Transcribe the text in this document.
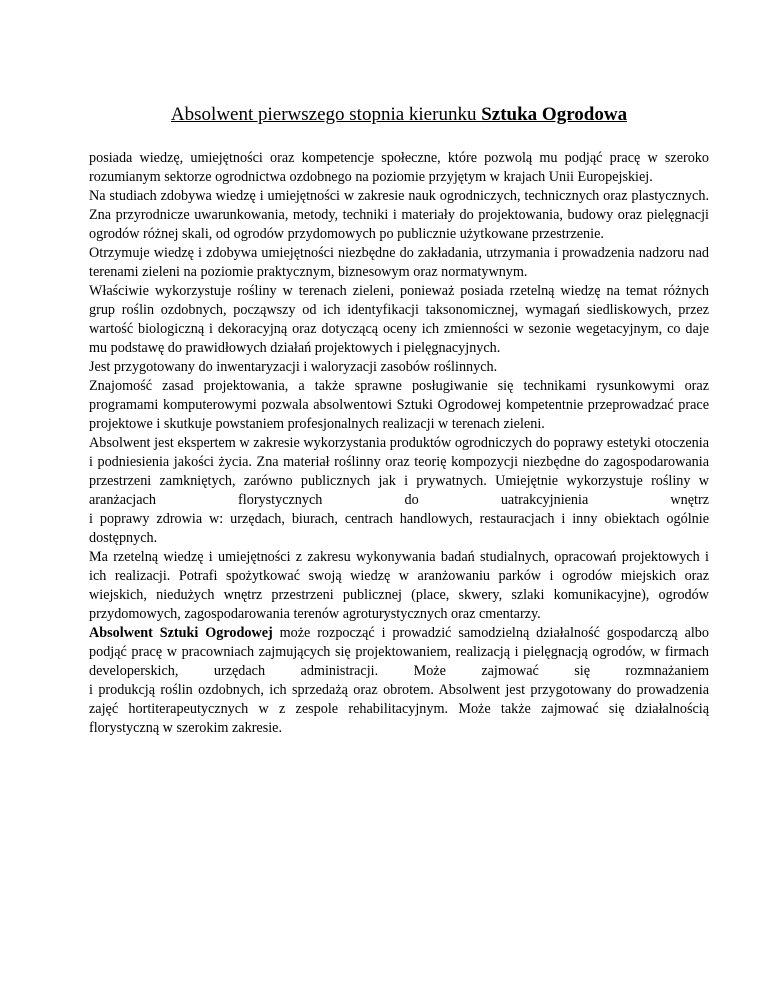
Absolwent pierwszego stopnia kierunku Sztuka Ogrodowa

posiada wiedzę, umiejętności oraz kompetencje społeczne, które pozwolą mu podjąć pracę w szeroko rozumianym sektorze ogrodnictwa ozdobnego na poziomie przyjętym w krajach Unii Europejskiej.

Na studiach zdobywa wiedzę i umiejętności w zakresie nauk ogrodniczych, technicznych oraz plastycznych. Zna przyrodnicze uwarunkowania, metody, techniki i materiały do projektowania, budowy oraz pielęgnacji ogrodów różnej skali, od ogrodów przydomowych po publicznie użytkowane przestrzenie.

Otrzymuje wiedzę i zdobywa umiejętności niezbędne do zakładania, utrzymania i prowadzenia nadzoru nad terenami zieleni na poziomie praktycznym, biznesowym oraz normatywnym.

Właściwie wykorzystuje rośliny w terenach zieleni, ponieważ posiada rzetelną wiedzę na temat różnych grup roślin ozdobnych, począwszy od ich identyfikacji taksonomicznej, wymagań siedliskowych, przez wartość biologiczną i dekoracyjną oraz dotyczącą oceny ich zmienności w sezonie wegetacyjnym, co daje mu podstawę do prawidłowych działań projektowych i pielęgnacyjnych.

Jest przygotowany do inwentaryzacji i waloryzacji zasobów roślinnych.

Znajomość zasad projektowania, a także sprawne posługiwanie się technikami rysunkowymi oraz programami komputerowymi pozwala absolwentowi Sztuki Ogrodowej kompetentnie przeprowadzać prace projektowe i skutkuje powstaniem profesjonalnych realizacji w terenach zieleni.

Absolwent jest ekspertem w zakresie wykorzystania produktów ogrodniczych do poprawy estetyki otoczenia i podniesienia jakości życia. Zna materiał roślinny oraz teorię kompozycji niezbędne do zagospodarowania przestrzeni zamkniętych, zarówno publicznych jak i prywatnych. Umiejętnie wykorzystuje rośliny w aranżacjach florystycznych do uatrakcyjnienia wnętrz

i poprawy zdrowia w: urzędach, biurach, centrach handlowych, restauracjach i inny obiektach ogólnie dostępnych.

Ma rzetelną wiedzę i umiejętności z zakresu wykonywania badań studialnych, opracowań projektowych i ich realizacji. Potrafi spożytkować swoją wiedzę w aranżowaniu parków i ogrodów miejskich oraz wiejskich, niedużych wnętrz przestrzeni publicznej (place, skwery, szlaki komunikacyjne), ogrodów przydomowych, zagospodarowania terenów agroturystycznych oraz cmentarzy.

Absolwent Sztuki Ogrodowej może rozpocząć i prowadzić samodzielną działalność gospodarczą albo podjąć pracę w pracowniach zajmujących się projektowaniem, realizacją i pielęgnacją ogrodów, w firmach developerskich, urzędach administracji. Może zajmować się rozmnażaniem

i produkcją roślin ozdobnych, ich sprzedażą oraz obrotem. Absolwent jest przygotowany do prowadzenia zajęć hortiterapeutycznych w z zespole rehabilitacyjnym. Może także zajmować się działalnością florystyczną w szerokim zakresie.
